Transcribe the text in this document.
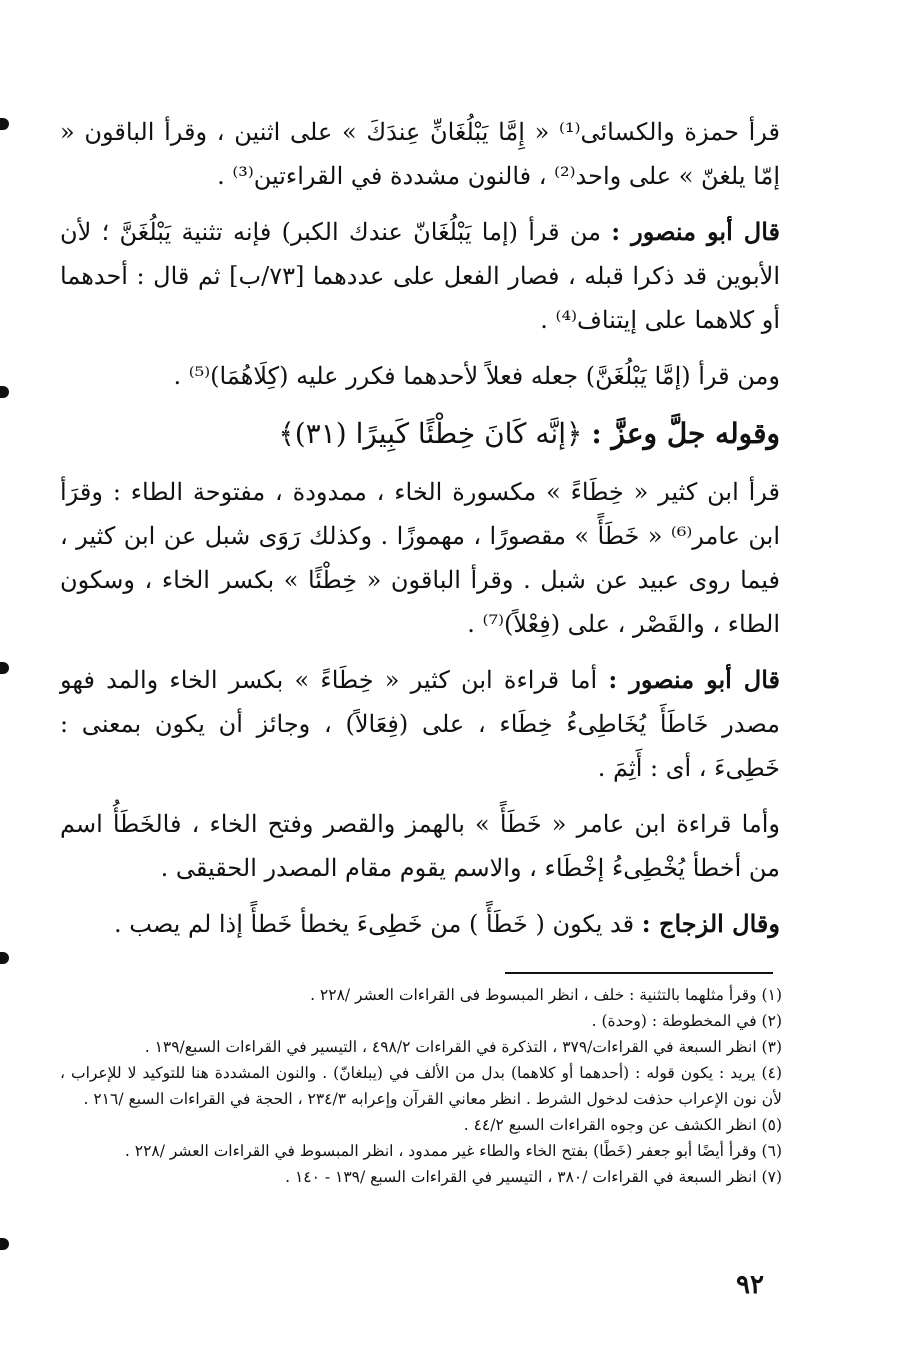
قرأ حمزة والكسائى⁽¹⁾ « إِمَّا يَبْلُغَانِّ عِندَكَ » على اثنين ، وقرأ الباقون « إمّا يلغنّ » على واحد⁽²⁾ ، فالنون مشددة في القراءتين⁽³⁾ .

قال أبو منصور : من قرأ (إما يَبْلُغَانّ عندك الكبر) فإنه تثنية يَبْلُغَنَّ ؛ لأن الأبوين قد ذكرا قبله ، فصار الفعل على عددهما [٧٣/ب] ثم قال : أحدهما أو كلاهما على إيتناف⁽⁴⁾ .

ومن قرأ (إمَّا يَبْلُغَنَّ) جعله فعلاً لأحدهما فكرر عليه (كِلَاهُمَا)⁽⁵⁾ .

وقوله جلَّ وعزَّ : ﴿إنَّه كَانَ خِطْئًا كَبِيرًا (٣١)﴾

قرأ ابن كثير « خِطَاءً » مكسورة الخاء ، ممدودة ، مفتوحة الطاء : وقرَأ ابن عامر⁽⁶⁾ « خَطَأً » مقصورًا ، مهموزًا . وكذلك رَوَى شبل عن ابن كثير ، فيما روى عبيد عن شبل . وقرأ الباقون « خِطْئًا » بكسر الخاء ، وسكون الطاء ، والقَصْر ، على (فِعْلاً)⁽⁷⁾ .

قال أبو منصور : أما قراءة ابن كثير « خِطَاءً » بكسر الخاء والمد فهو مصدر خَاطَأَ يُخَاطِىءُ خِطَاء ، على (فِعَالاً) ، وجائز أن يكون بمعنى : خَطِىءَ ، أى : أَثِمَ .

وأما قراءة ابن عامر « خَطَأً » بالهمز والقصر وفتح الخاء ، فالخَطَأُ اسم من أخطأ يُخْطِىءُ إخْطَاء ، والاسم يقوم مقام المصدر الحقيقى .

وقال الزجاج : قد يكون ( خَطَأً ) من خَطِىءَ يخطأ خَطأً إذا لم يصب .

(١) وقرأ مثلهما بالتثنية : خلف ، انظر المبسوط فى القراءات العشر /٢٢٨ .

(٢) في المخطوطة : (وحدة) .

(٣) انظر السبعة في القراءات/٣٧٩ ، التذكرة في القراءات ٤٩٨/٢ ، التيسير في القراءات السبع/١٣٩ .

(٤) يريد : يكون قوله : (أحدهما أو كلاهما) بدل من الألف في (يبلغانّ) . والنون المشددة هنا للتوكيد لا للإعراب ، لأن نون الإعراب حذفت لدخول الشرط . انظر معاني القرآن وإعرابه ٢٣٤/٣ ، الحجة في القراءات السبع /٢١٦ .

(٥) انظر الكشف عن وجوه القراءات السبع ٤٤/٢ .

(٦) وقرأ أيضًا أبو جعفر (خَطًا) بفتح الخاء والطاء غير ممدود ، انظر المبسوط في القراءات العشر /٢٢٨ .

(٧) انظر السبعة في القراءات /٣٨٠ ، التيسير في القراءات السبع /١٣٩ - ١٤٠ .

٩٢
